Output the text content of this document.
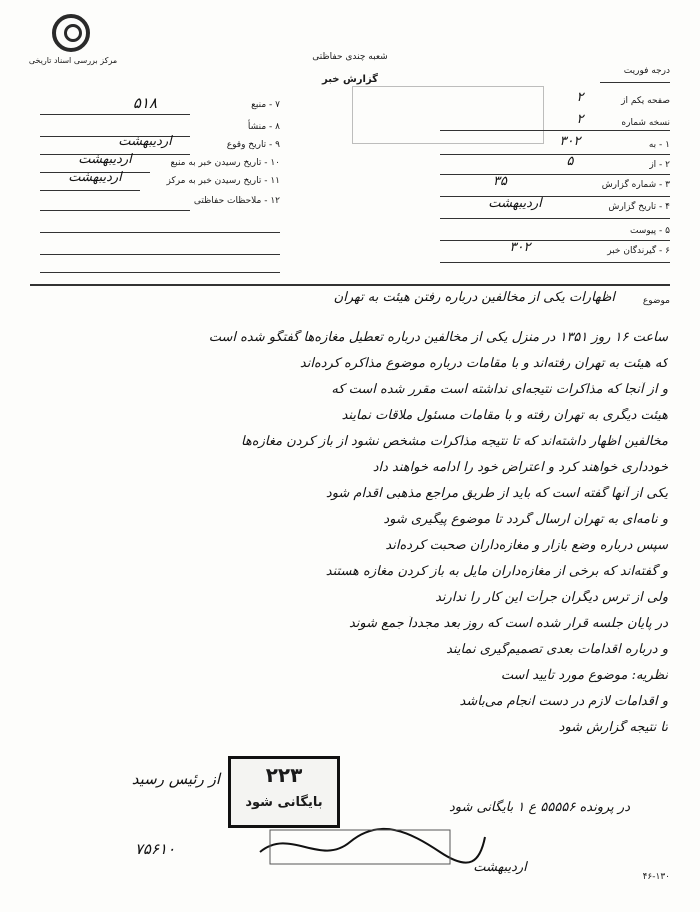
مرکز بررسی اسناد تاریخی	شعبه چندی حفاظتی
گزارش خبر
درجه فوریت
۷ - منبع
۵۱۸
۸ - منشأ
۹ - تاریخ وقوع
اردیبهشت
۱۰ - تاریخ رسیدن خبر به منبع
اردیبهشت
۱۱ - تاریخ رسیدن خبر به مرکز
اردیبهشت
۱۲ - ملاحظات حفاظتی
صفحه یکم از
۲
نسخه شماره
۲
۱ - به
۳۰۲
۲ - از
۵
۳ - شماره گزارش
۳۵
۴ - تاریخ گزارش
اردیبهشت
۵ - پیوست
۶ - گیرندگان خبر
۳۰۲
موضوع
اظهارات یکی از مخالفین درباره رفتن هیئت به تهران
ساعت ۱۶ روز ۱۳۵۱ در منزل یکی از مخالفین درباره تعطیل مغازه‌ها گفتگو شده است
که هیئت به تهران رفته‌اند و با مقامات درباره موضوع مذاکره کرده‌اند
و از آنجا که مذاکرات نتیجه‌ای نداشته است مقرر شده است که
هیئت دیگری به تهران رفته و با مقامات مسئول ملاقات نمایند
مخالفین اظهار داشته‌اند که تا نتیجه مذاکرات مشخص نشود از باز کردن مغازه‌ها
خودداری خواهند کرد و اعتراض خود را ادامه خواهند داد
یکی از آنها گفته است که باید از طریق مراجع مذهبی اقدام شود
و نامه‌ای به تهران ارسال گردد تا موضوع پیگیری شود
سپس درباره وضع بازار و مغازه‌داران صحبت کرده‌اند
و گفته‌اند که برخی از مغازه‌داران مایل به باز کردن مغازه هستند
ولی از ترس دیگران جرأت این کار را ندارند
در پایان جلسه قرار شده است که روز بعد مجدداً جمع شوند
و درباره اقدامات بعدی تصمیم‌گیری نمایند
نظریه: موضوع مورد تأیید است
و اقدامات لازم در دست انجام می‌باشد
تا نتیجه گزارش شود
۲۲۳
بایگانی شود
از رئیس رسید
۷۵۶۱۰
در پرونده ۵۵۵۵۶ ع ۱ بایگانی شود
اردیبهشت
۴۶-۱۳۰
